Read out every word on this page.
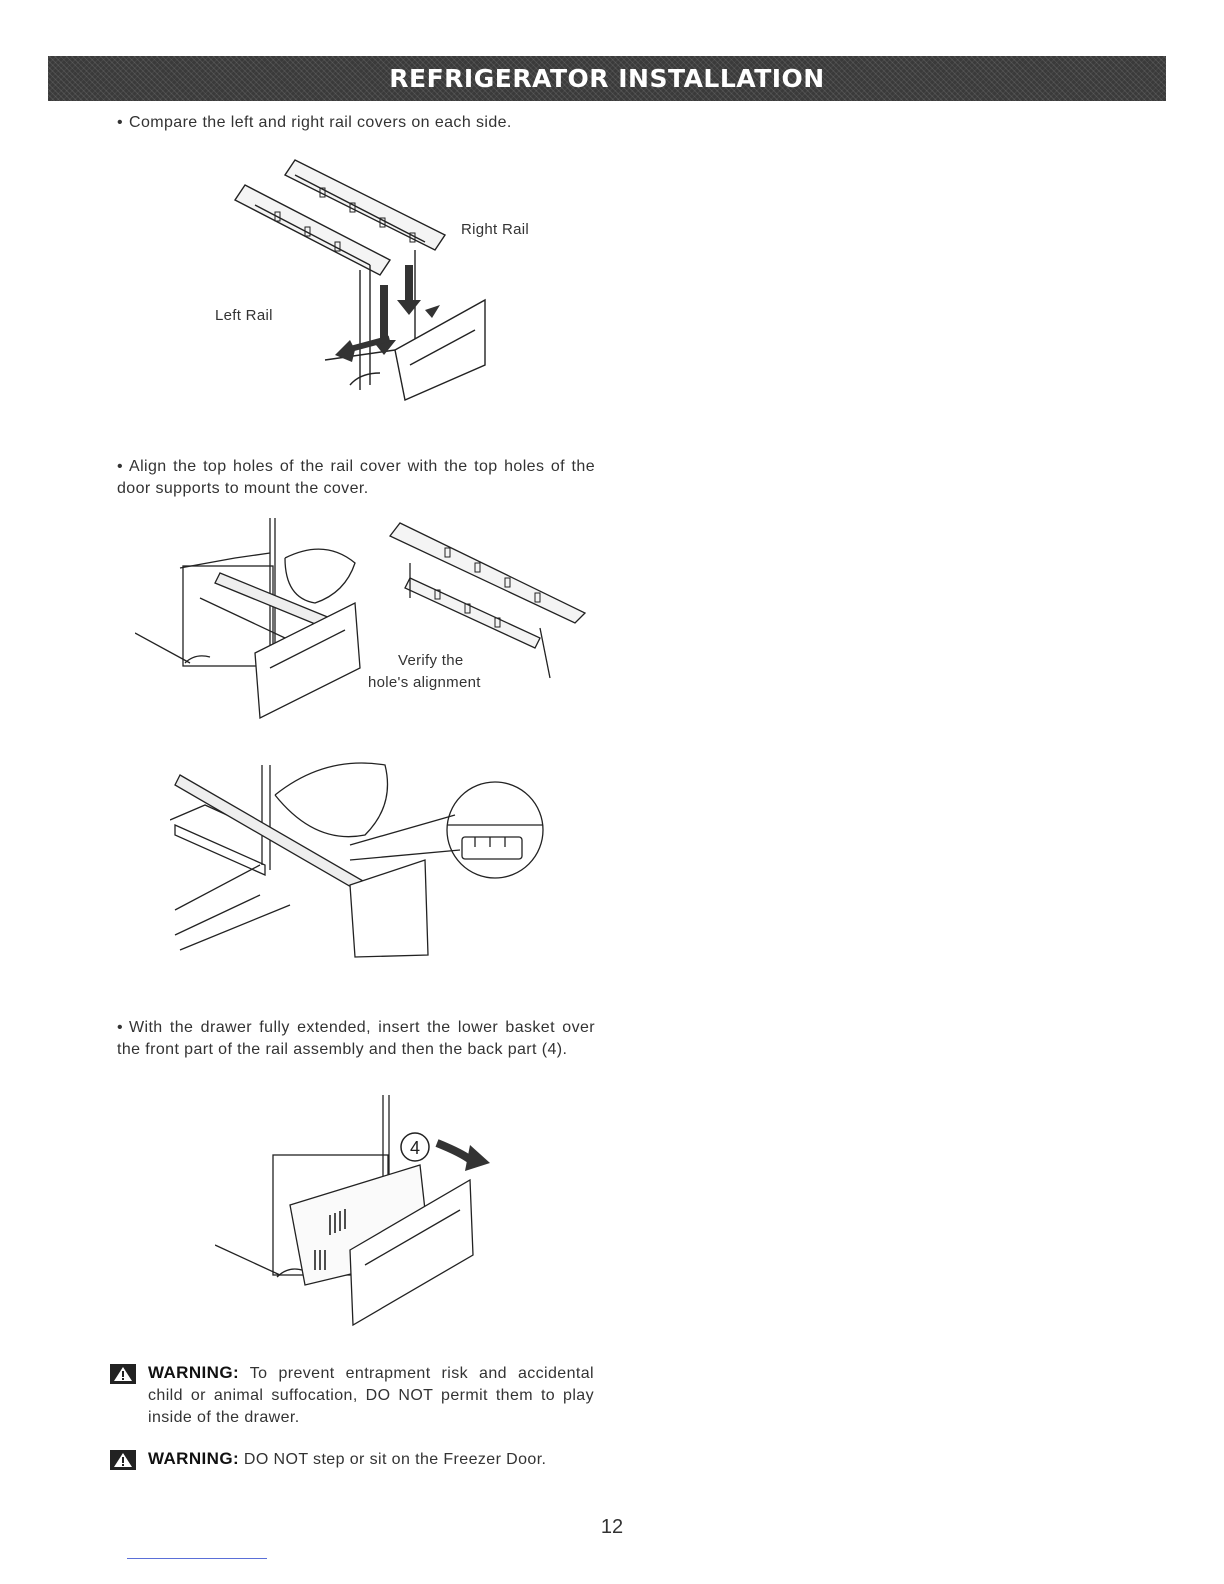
REFRIGERATOR INSTALLATION
• Compare the left and right rail covers on each side.
Right Rail
Left Rail
• Align the top holes of the rail cover with the top holes of the door supports to mount the cover.
Verify the
hole's alignment
• With the drawer fully extended, insert the lower basket over the front part of the rail assembly and then the back part (4).
4
WARNING: To prevent entrapment risk and accidental child or animal suffocation, DO NOT permit them to play inside of the drawer.
WARNING: DO NOT step or sit on the Freezer Door.
12
